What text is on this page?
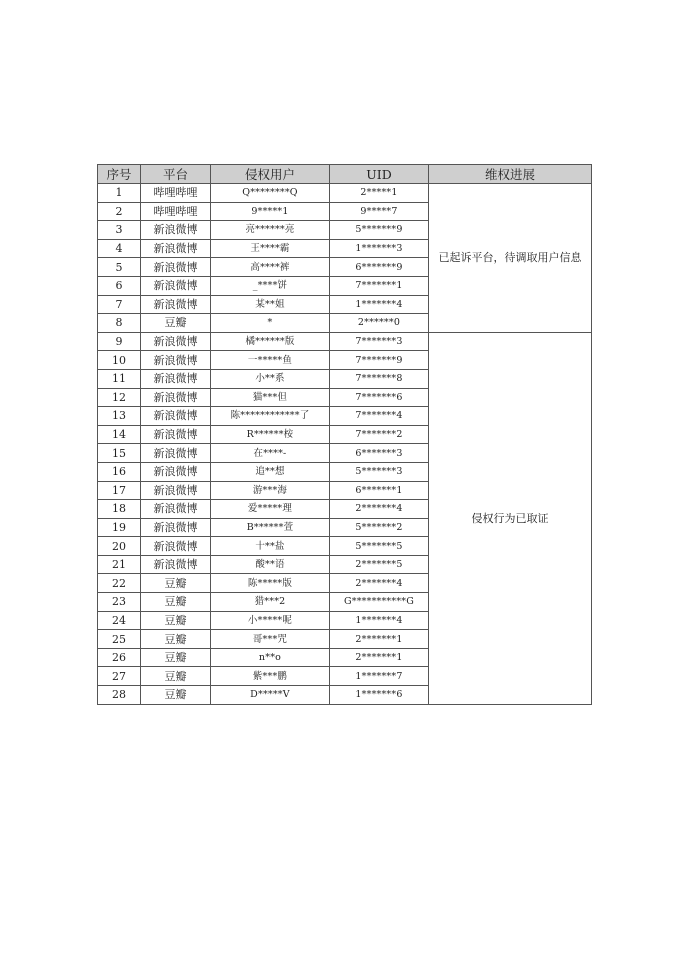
序号	平台	侵权用户	UID	维权进展
1	哔哩哔哩	Q********Q	2*****1	已起诉平台，待调取用户信息
2	哔哩哔哩	9*****1	9*****7	
3	新浪微博	亮******亮	5*******9	
4	新浪微博	王****霸	1*******3	
5	新浪微博	高****裤	6*******9	
6	新浪微博	_****饼	7*******1	
7	新浪微博	某**姐	1*******4	
8	豆瓣	*	2******0	
9	新浪微博	橘******版	7*******3	侵权行为已取证
10	新浪微博	一*****鱼	7*******9	
11	新浪微博	小**系	7*******8	
12	新浪微博	猫***但	7*******6	
13	新浪微博	陈************了	7*******4	
14	新浪微博	R******桉	7*******2	
15	新浪微博	在****-	6*******3	
16	新浪微博	追**想	5*******3	
17	新浪微博	游***海	6*******1	
18	新浪微博	爱*****理	2*******4	
19	新浪微博	B******萱	5*******2	
20	新浪微博	十**盐	5*******5	
21	新浪微博	酸**语	2*******5	
22	豆瓣	陈*****版	2*******4	
23	豆瓣	猎***2	G***********G	
24	豆瓣	小*****呢	1*******4	
25	豆瓣	哥***咒	2*******1	
26	豆瓣	n**o	2*******1	
27	豆瓣	紫***鹏	1*******7	
28	豆瓣	D*****V	1*******6	
